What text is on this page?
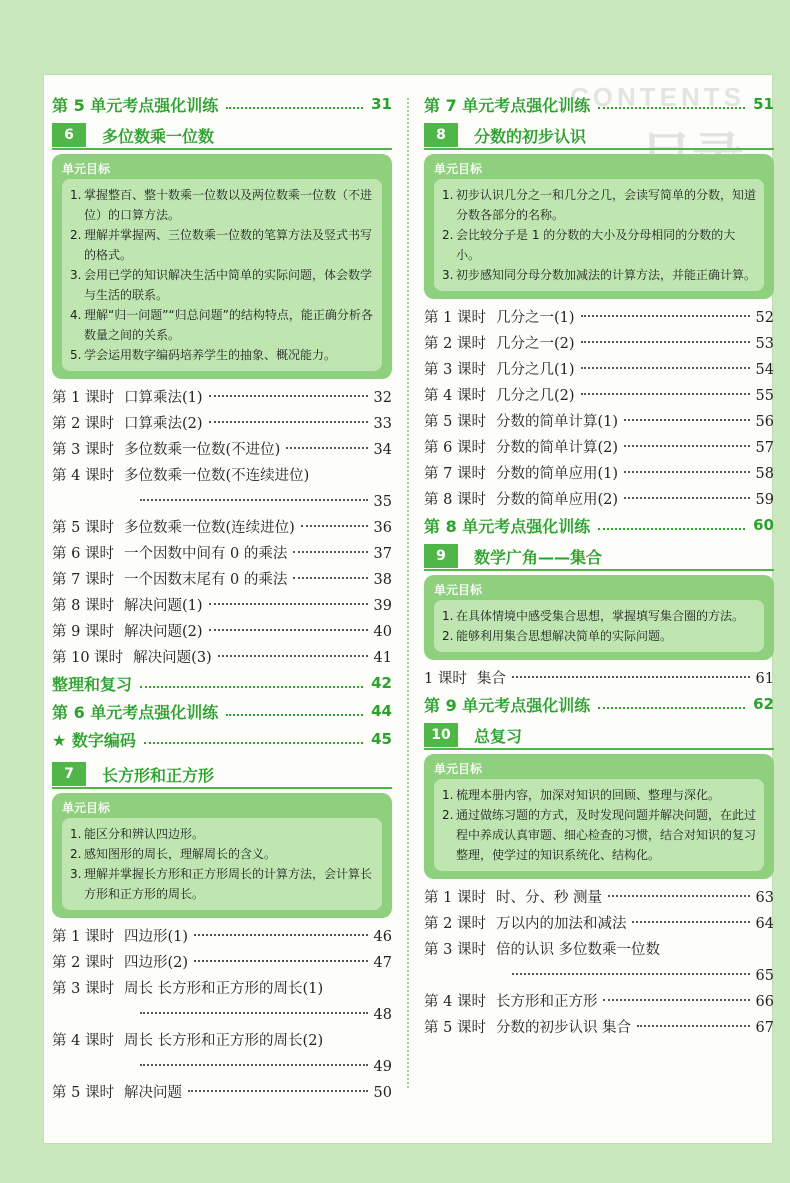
CONTENTS
第 5 单元考点强化训练	31
6	多位数乘一位数
单元目标
1. 掌握整百、整十数乘一位数以及两位数乘一位数（不进位）的口算方法。
2. 理解并掌握两、三位数乘一位数的笔算方法及竖式书写的格式。
3. 会用已学的知识解决生活中简单的实际问题，体会数学与生活的联系。
4. 理解“归一问题”“归总问题”的结构特点，能正确分析各数量之间的关系。
5. 学会运用数字编码培养学生的抽象、概况能力。
第 1 课时 口算乘法(1)	32
第 2 课时 口算乘法(2)	33
第 3 课时 多位数乘一位数(不进位)	34
第 4 课时 多位数乘一位数(不连续进位)
35
第 5 课时 多位数乘一位数(连续进位)	36
第 6 课时 一个因数中间有 0 的乘法	37
第 7 课时 一个因数末尾有 0 的乘法	38
第 8 课时 解决问题(1)	39
第 9 课时 解决问题(2)	40
第 10 课时 解决问题(3)	41
整理和复习	42
第 6 单元考点强化训练	44
★ 数字编码	45
7	长方形和正方形
单元目标
1. 能区分和辨认四边形。
2. 感知图形的周长，理解周长的含义。
3. 理解并掌握长方形和正方形周长的计算方法，会计算长方形和正方形的周长。
第 1 课时 四边形(1)	46
第 2 课时 四边形(2)	47
第 3 课时 周长 长方形和正方形的周长(1)
48
第 4 课时 周长 长方形和正方形的周长(2)
49
第 5 课时 解决问题	50
第 7 单元考点强化训练	51
8	分数的初步认识
单元目标
1. 初步认识几分之一和几分之几，会读写简单的分数，知道分数各部分的名称。
2. 会比较分子是 1 的分数的大小及分母相同的分数的大小。
3. 初步感知同分母分数加减法的计算方法，并能正确计算。
第 1 课时 几分之一(1)	52
第 2 课时 几分之一(2)	53
第 3 课时 几分之几(1)	54
第 4 课时 几分之几(2)	55
第 5 课时 分数的简单计算(1)	56
第 6 课时 分数的简单计算(2)	57
第 7 课时 分数的简单应用(1)	58
第 8 课时 分数的简单应用(2)	59
第 8 单元考点强化训练	60
9	数学广角——集合
单元目标
1. 在具体情境中感受集合思想，掌握填写集合圈的方法。
2. 能够利用集合思想解决简单的实际问题。
1 课时 集合	61
第 9 单元考点强化训练	62
10	总复习
单元目标
1. 梳理本册内容，加深对知识的回顾、整理与深化。
2. 通过做练习题的方式，及时发现问题并解决问题，在此过程中养成认真审题、细心检查的习惯，结合对知识的复习整理，使学过的知识系统化、结构化。
第 1 课时 时、分、秒 测量	63
第 2 课时 万以内的加法和减法	64
第 3 课时 倍的认识 多位数乘一位数
65
第 4 课时 长方形和正方形	66
第 5 课时 分数的初步认识 集合	67
